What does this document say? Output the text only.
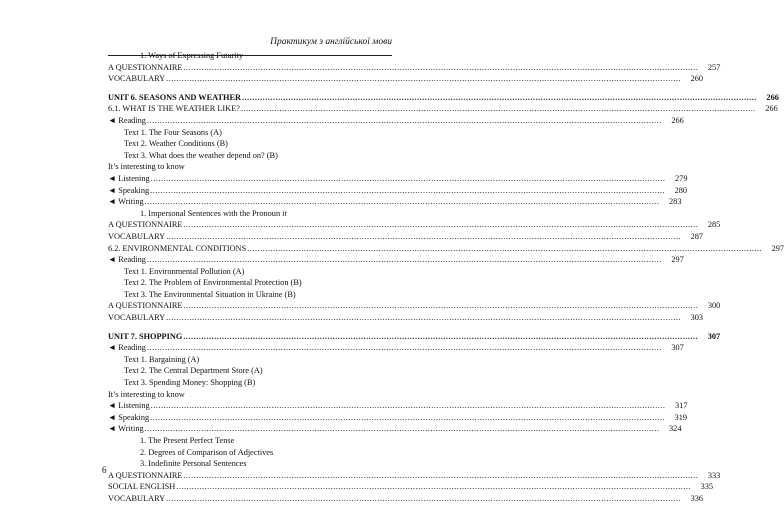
Практикум з англійської мови
1. Ways of Expressing Futurity
A QUESTIONNAIRE ........................................................................................................................................................................................................	257
VOCABULARY ........................................................................................................................................................................................................	260
UNIT 6. SEASONS AND WEATHER ........................................................................................................................................................................................................	266
6.1. WHAT IS THE WEATHER LIKE? ........................................................................................................................................................................................................	266
◄ Reading ........................................................................................................................................................................................................	266
Text 1. The Four Seasons (A)
Text 2. Weather Conditions (B)
Text 3. What does the weather depend on? (B)
It’s interesting to know
◄ Listening ........................................................................................................................................................................................................	279
◄ Speaking ........................................................................................................................................................................................................	280
◄ Writing ........................................................................................................................................................................................................	283
1. Impersonal Sentences with the Pronoun it
A QUESTIONNAIRE ........................................................................................................................................................................................................	285
VOCABULARY ........................................................................................................................................................................................................	287
6.2. ENVIRONMENTAL CONDITIONS ........................................................................................................................................................................................................	297
◄ Reading ........................................................................................................................................................................................................	297
Text 1. Environmental Pollution (A)
Text 2. The Problem of Environmental Protection (B)
Text 3. The Environmental Situation in Ukraine (B)
A QUESTIONNAIRE ........................................................................................................................................................................................................	300
VOCABULARY ........................................................................................................................................................................................................	303
UNIT 7. SHOPPING ........................................................................................................................................................................................................	307
◄ Reading ........................................................................................................................................................................................................	307
Text 1. Bargaining (A)
Text 2. The Central Department Store (A)
Text 3. Spending Money: Shopping (B)
It’s interesting to know
◄ Listening ........................................................................................................................................................................................................	317
◄ Speaking ........................................................................................................................................................................................................	319
◄ Writing ........................................................................................................................................................................................................	324
1. The Present Perfect Tense
2. Degrees of Comparison of Adjectives
3. Indefinite Personal Sentences
A QUESTIONNAIRE ........................................................................................................................................................................................................	333
SOCIAL ENGLISH ........................................................................................................................................................................................................	335
VOCABULARY ........................................................................................................................................................................................................	336
6
